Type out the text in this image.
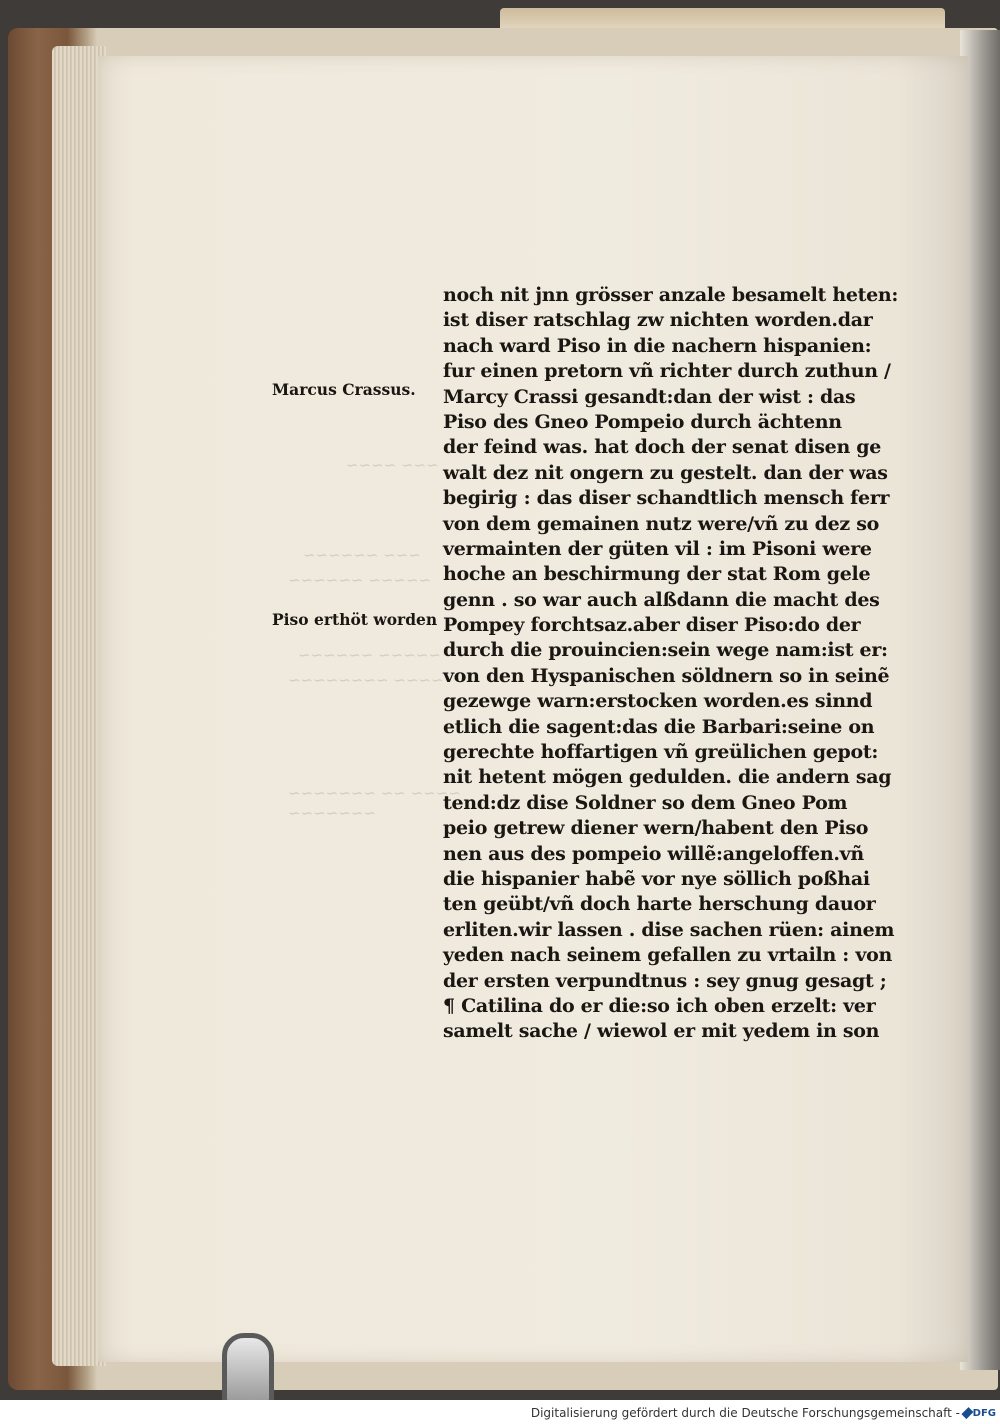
~~~ ~~~~
~~~ ~~~~~~
~~~~~ ~~~~~~
~~~~~ ~~~~~~
~~~~ ~~~~~~~~
~~~~ ~~ ~~~~~~~
~~~~~~~
Marcus Crassus.
Piso erthöt worden
noch nit jnn grösser anzale besamelt heten:
ist diser ratschlag zw nichten worden.dar
nach ward Piso in die nachern hispanien:
fur einen pretorn vñ richter durch zuthun /
Marcy Crassi gesandt:dan der wist : das
Piso des Gneo Pompeio durch ächtenn
der feind was. hat doch der senat disen ge
walt dez nit ongern zu gestelt. dan der was
begirig : das diser schandtlich mensch ferr
von dem gemainen nutz were/vñ zu dez so
vermainten der güten vil : im Pisoni were
hoche an beschirmung der stat Rom gele
genn . so war auch alßdann die macht des
Pompey forchtsaz.aber diser Piso:do der
durch die prouincien:sein wege nam:ist er:
von den Hyspanischen söldnern so in seinẽ
gezewge warn:erstocken worden.es sinnd
etlich die sagent:das die Barbari:seine on
gerechte hoffartigen vñ greülichen gepot:
nit hetent mögen gedulden. die andern sag
tend:dz dise Soldner so dem Gneo Pom
peio getrew diener wern/habent den Piso
nen aus des pompeio willẽ:angeloffen.vñ
die hispanier habẽ vor nye söllich poßhai
ten geübt/vñ doch harte herschung dauor
erliten.wir lassen . dise sachen rüen: ainem
yeden nach seinem gefallen zu vrtailn : von
der ersten verpundtnus : sey gnug gesagt ;
¶ Catilina do er die:so ich oben erzelt: ver
samelt sache / wiewol er mit yedem in son
Digitalisierung gefördert durch die Deutsche Forschungsgemeinschaft - DFG
